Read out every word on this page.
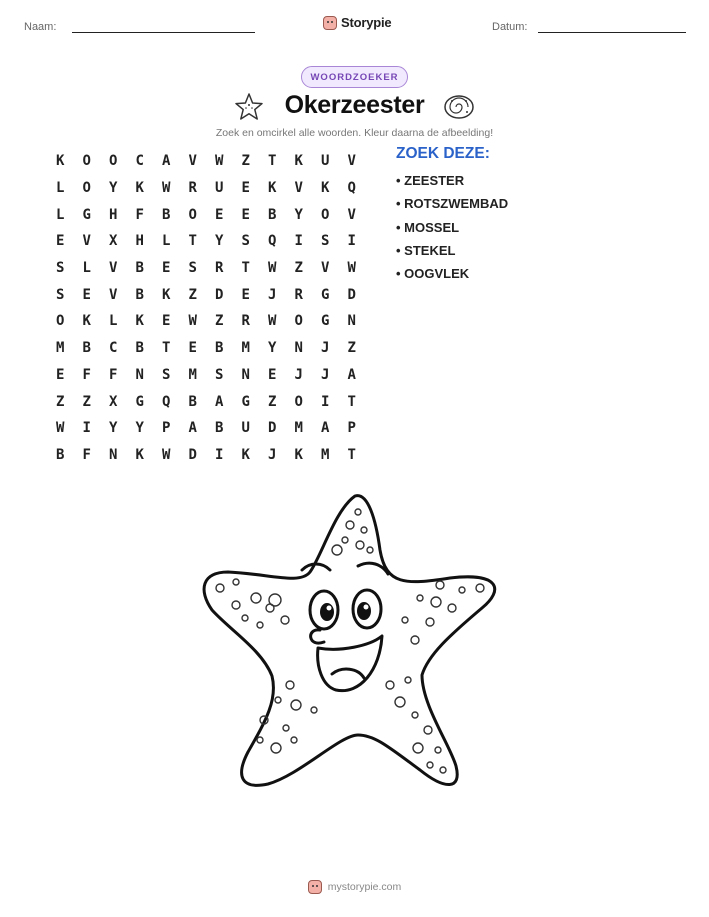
Naam:	Storypie	Datum:
WOORDZOEKER
Okerzeester
Zoek en omcirkel alle woorden. Kleur daarna de afbeelding!
K	O	O	C	A	V	W	Z	T	K	U	V
L	O	Y	K	W	R	U	E	K	V	K	Q
L	G	H	F	B	O	E	E	B	Y	O	V
E	V	X	H	L	T	Y	S	Q	I	S	I
S	L	V	B	E	S	R	T	W	Z	V	W
S	E	V	B	K	Z	D	E	J	R	G	D
O	K	L	K	E	W	Z	R	W	O	G	N
M	B	C	B	T	E	B	M	Y	N	J	Z
E	F	F	N	S	M	S	N	E	J	J	A
Z	Z	X	G	Q	B	A	G	Z	O	I	T
W	I	Y	Y	P	A	B	U	D	M	A	P
B	F	N	K	W	D	I	K	J	K	M	T
ZOEK DEZE:
• ZEESTER
• ROTSZWEMBAD
• MOSSEL
• STEKEL
• OOGVLEK
mystorypie.com
